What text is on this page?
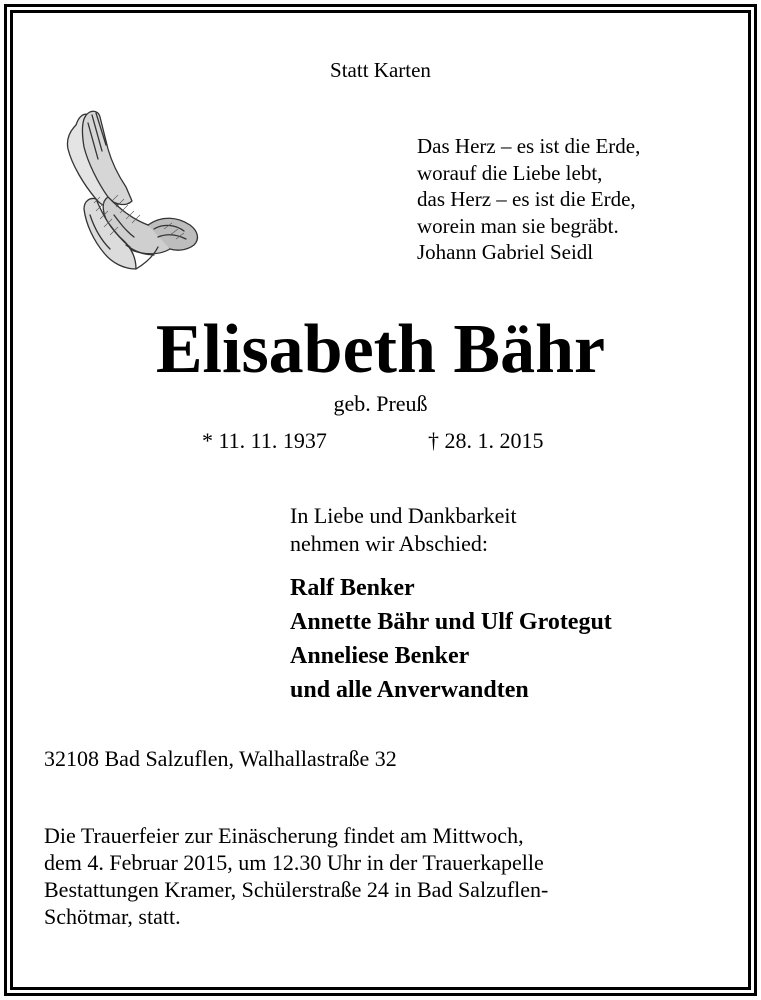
Statt Karten

Das Herz – es ist die Erde,
worauf die Liebe lebt,
das Herz – es ist die Erde,
worein man sie begräbt.
Johann Gabriel Seidl
Elisabeth Bähr

geb. Preuß

* 11. 11. 1937	† 28. 1. 2015

In Liebe und Dankbarkeit
nehmen wir Abschied:
Ralf Benker
Annette Bähr und Ulf Grotegut
Anneliese Benker
und alle Anverwandten

32108 Bad Salzuflen, Walhallastraße 32

Die Trauerfeier zur Einäscherung findet am Mittwoch,
dem 4. Februar 2015, um 12.30 Uhr in der Trauerkapelle
Bestattungen Kramer, Schülerstraße 24 in Bad Salzuflen-
Schötmar, statt.
